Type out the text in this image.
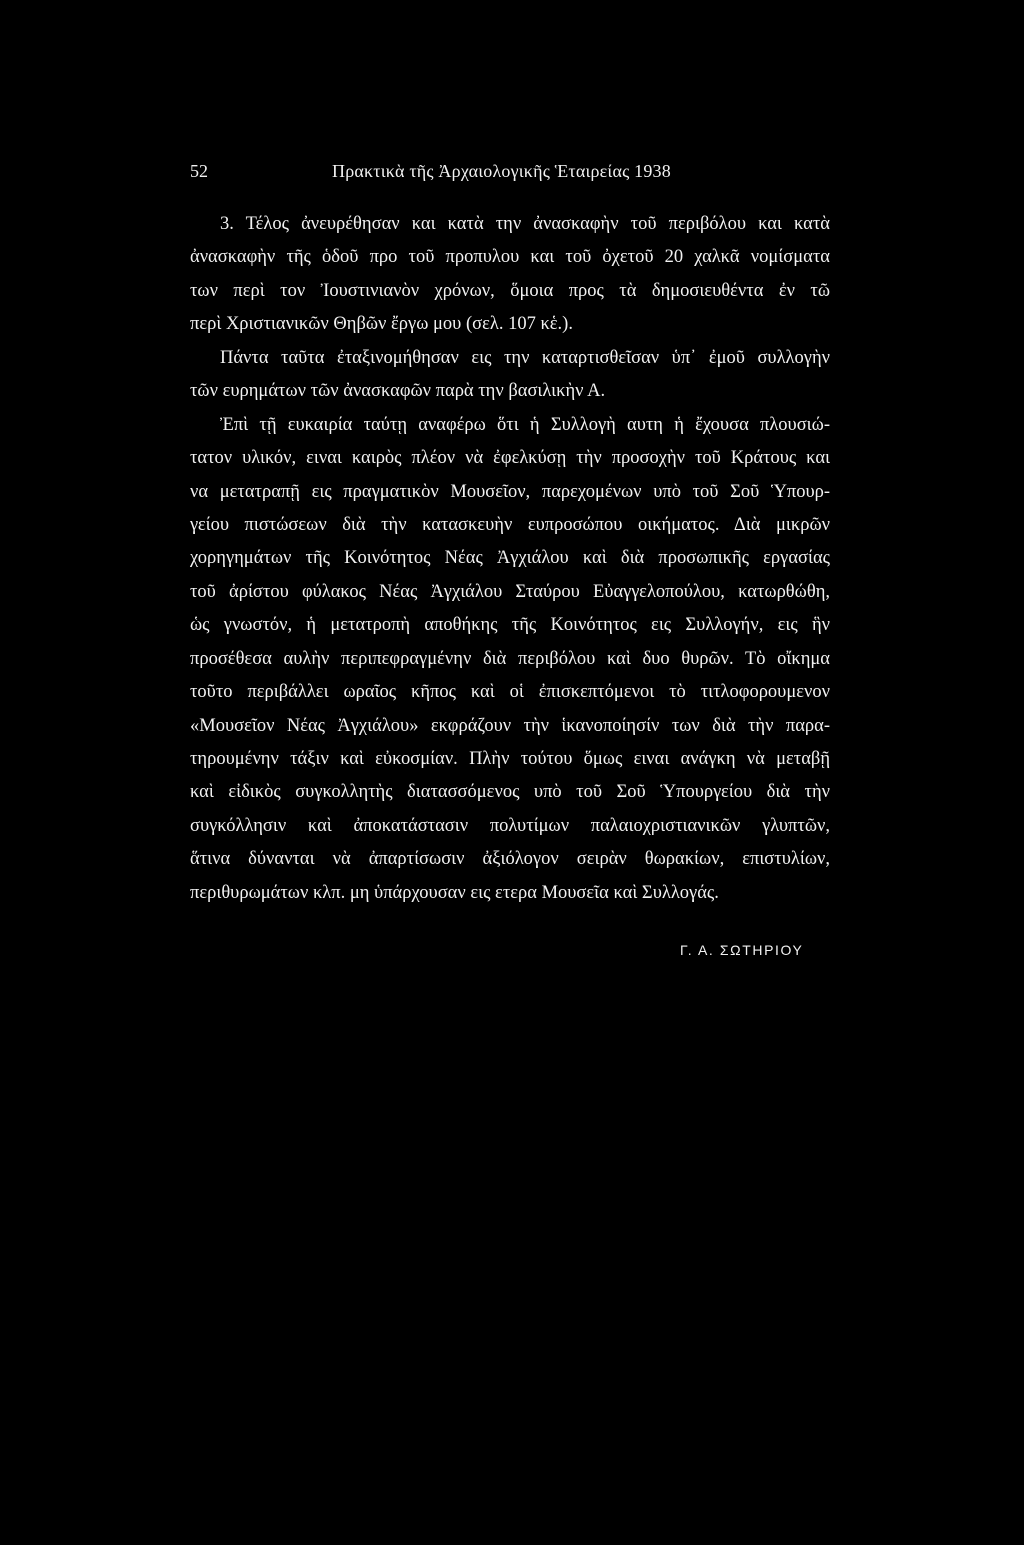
52	Πρακτικὰ τῆς Ἀρχαιολογικῆς Ἑταιρείας 1938
3. Τέλος ἀνευρέθησαν και κατὰ την ἀνασκαφὴν τοῦ περιβόλου και κατὰ
ἀνασκαφὴν τῆς ὁδοῦ προ τοῦ προπυλου και τοῦ ὀχετοῦ 20 χαλκᾶ νομίσματα
των περὶ τον Ἰουστινιανὸν χρόνων, ὅμοια προς τὰ δημοσιευθέντα ἐν τῶ
περὶ Χριστιανικῶν Θηβῶν ἔργω μου (σελ. 107 κἑ.).
Πάντα ταῦτα ἐταξινομήθησαν εις την καταρτισθεῖσαν ὑπ᾽ ἐμοῦ συλλογὴν
τῶν ευρημάτων τῶν ἀνασκαφῶν παρὰ την βασιλικὴν Α.
Ἐπὶ τῇ ευκαιρία ταύτῃ αναφέρω ὅτι ἡ Συλλογὴ αυτη ἡ ἔχουσα πλουσιώ-
τατον υλικόν, ειναι καιρὸς πλέον νὰ ἐφελκύσῃ τὴν προσοχὴν τοῦ Κράτους και
να μετατραπῇ εις πραγματικὸν Μουσεῖον, παρεχομένων υπὸ τοῦ Σοῦ Ὑπουρ-
γείου πιστώσεων διὰ τὴν κατασκευὴν ευπροσώπου οικήματος. Διὰ μικρῶν
χορηγημάτων τῆς Κοινότητος Νέας Ἀγχιάλου καὶ διὰ προσωπικῆς εργασίας
τοῦ ἀρίστου φύλακος Νέας Ἀγχιάλου Σταύρου Εὐαγγελοπούλου, κατωρθώθη,
ὡς γνωστόν, ἡ μετατροπὴ αποθήκης τῆς Κοινότητος εις Συλλογήν, εις ἣν
προσέθεσα αυλὴν περιπεφραγμένην διὰ περιβόλου καὶ δυο θυρῶν. Τὸ οἴκημα
τοῦτο περιβάλλει ωραῖος κῆπος καὶ οἱ ἐπισκεπτόμενοι τὸ τιτλοφορουμενον
«Μουσεῖον Νέας Ἀγχιάλου» εκφράζουν τὴν ἱκανοποίησίν των διὰ τὴν παρα-
τηρουμένην τάξιν καὶ εὐκοσμίαν. Πλὴν τούτου ὅμως ειναι ανάγκη νὰ μεταβῇ
καὶ εἰδικὸς συγκολλητὴς διατασσόμενος υπὸ τοῦ Σοῦ Ὑπουργείου διὰ τὴν
συγκόλλησιν καὶ ἀποκατάστασιν πολυτίμων παλαιοχριστιανικῶν γλυπτῶν,
ἅτινα δύνανται νὰ ἀπαρτίσωσιν ἀξιόλογον σειρὰν θωρακίων, επιστυλίων,
περιθυρωμάτων κλπ. μη ὑπάρχουσαν εις ετερα Μουσεῖα καὶ Συλλογάς.
Γ. Α. ΣΩΤΗΡΙΟΥ
